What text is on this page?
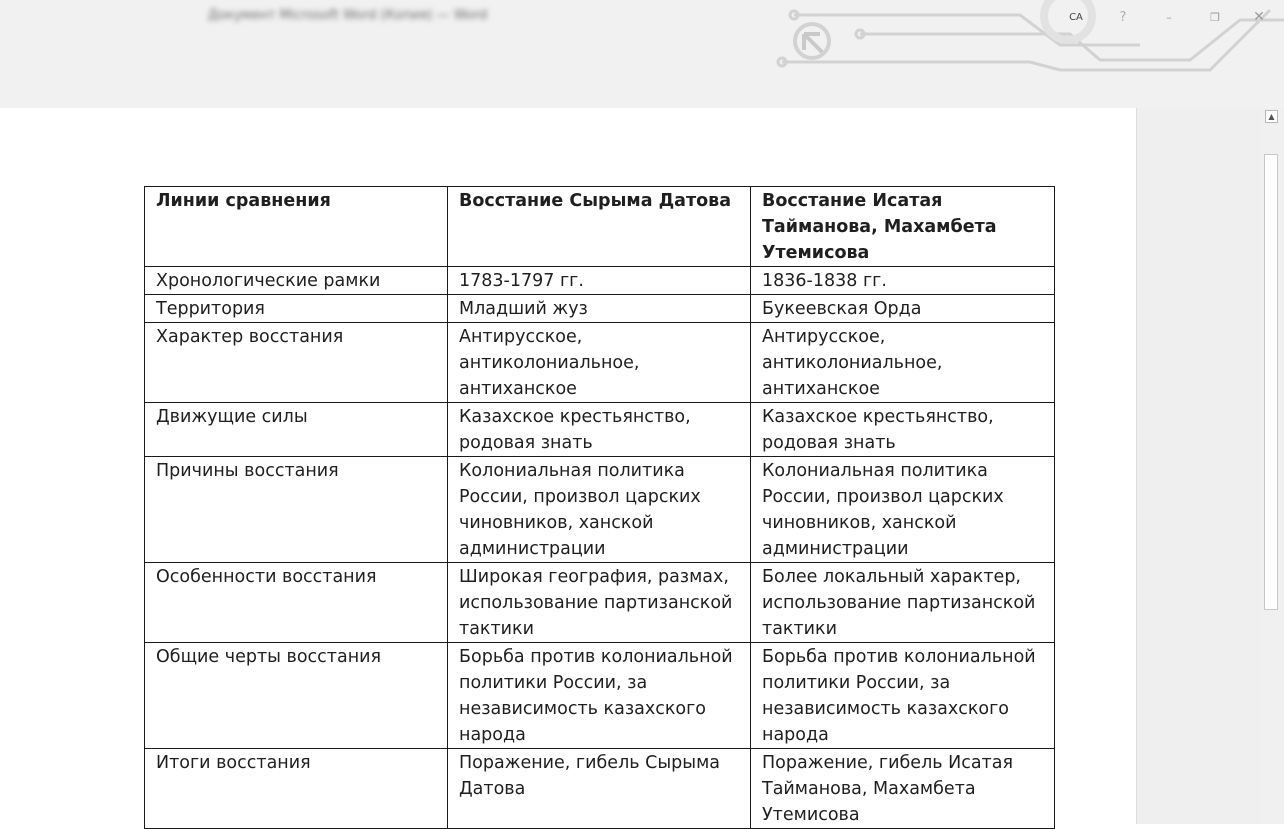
Документ Microsoft Word (Копия) — Word	CA	?	–	❐	✕
▲
Линии сравнения	Восстание Сырыма Датова	Восстание Исатая Тайманова, Махамбета Утемисова
Хронологические рамки	1783-1797 гг.	1836-1838 гг.
Территория	Младший жуз	Букеевская Орда
Характер восстания	Антирусское, антиколониальное, антиханское	Антирусское, антиколониальное, антиханское
Движущие силы	Казахское крестьянство, родовая знать	Казахское крестьянство, родовая знать
Причины восстания	Колониальная политика России, произвол царских чиновников, ханской администрации	Колониальная политика России, произвол царских чиновников, ханской администрации
Особенности восстания	Широкая география, размах, использование партизанской тактики	Более локальный характер, использование партизанской тактики
Общие черты восстания	Борьба против колониальной политики России, за независимость казахского народа	Борьба против колониальной политики России, за независимость казахского народа
Итоги восстания	Поражение, гибель Сырыма Датова	Поражение, гибель Исатая Тайманова, Махамбета Утемисова
